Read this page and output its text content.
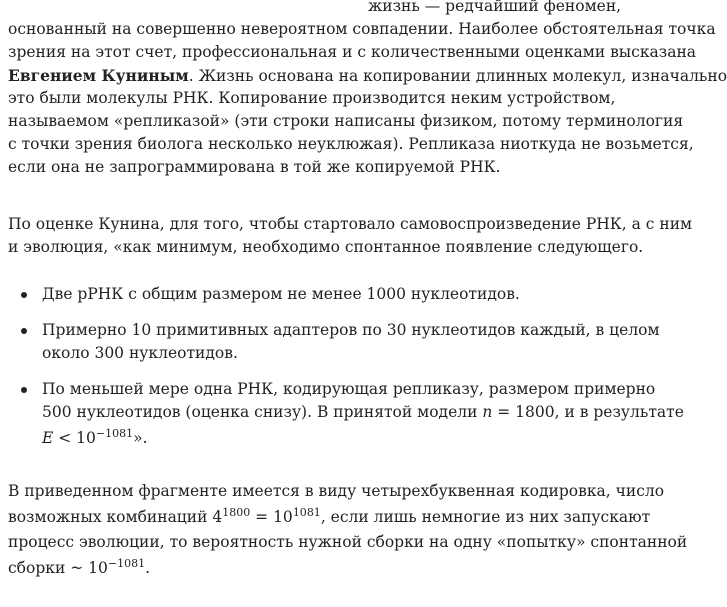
жизнь — редчайший феномен,
основанный на совершенно невероятном совпадении. Наиболее обстоятельная точка
зрения на этот счет, профессиональная и с количественными оценками высказана
Евгением Куниным. Жизнь основана на копировании длинных молекул, изначально
это были молекулы РНК. Копирование производится неким устройством,
называемом «репликазой» (эти строки написаны физиком, потому терминология
с точки зрения биолога несколько неуклюжая). Репликаза ниоткуда не возьмется,
если она не запрограммирована в той же копируемой РНК.
По оценке Кунина, для того, чтобы стартовало самовоспроизведение РНК, а с ним
и эволюция, «как минимум, необходимо спонтанное появление следующего.
Две рРНК с общим размером не менее 1000 нуклеотидов.
Примерно 10 примитивных адаптеров по 30 нуклеотидов каждый, в целом
около 300 нуклеотидов.
По меньшей мере одна РНК, кодирующая репликазу, размером примерно
500 нуклеотидов (оценка снизу). В принятой модели n = 1800, и в результате
$E < 10^{-1081}$».
В приведенном фрагменте имеется в виду четырехбуквенная кодировка, число
возможных комбинаций $4^{1800} = 10^{1081}$, если лишь немногие из них запускают
процесс эволюции, то вероятность нужной сборки на одну «попытку» спонтанной
сборки ~ $10^{-1081}$.
